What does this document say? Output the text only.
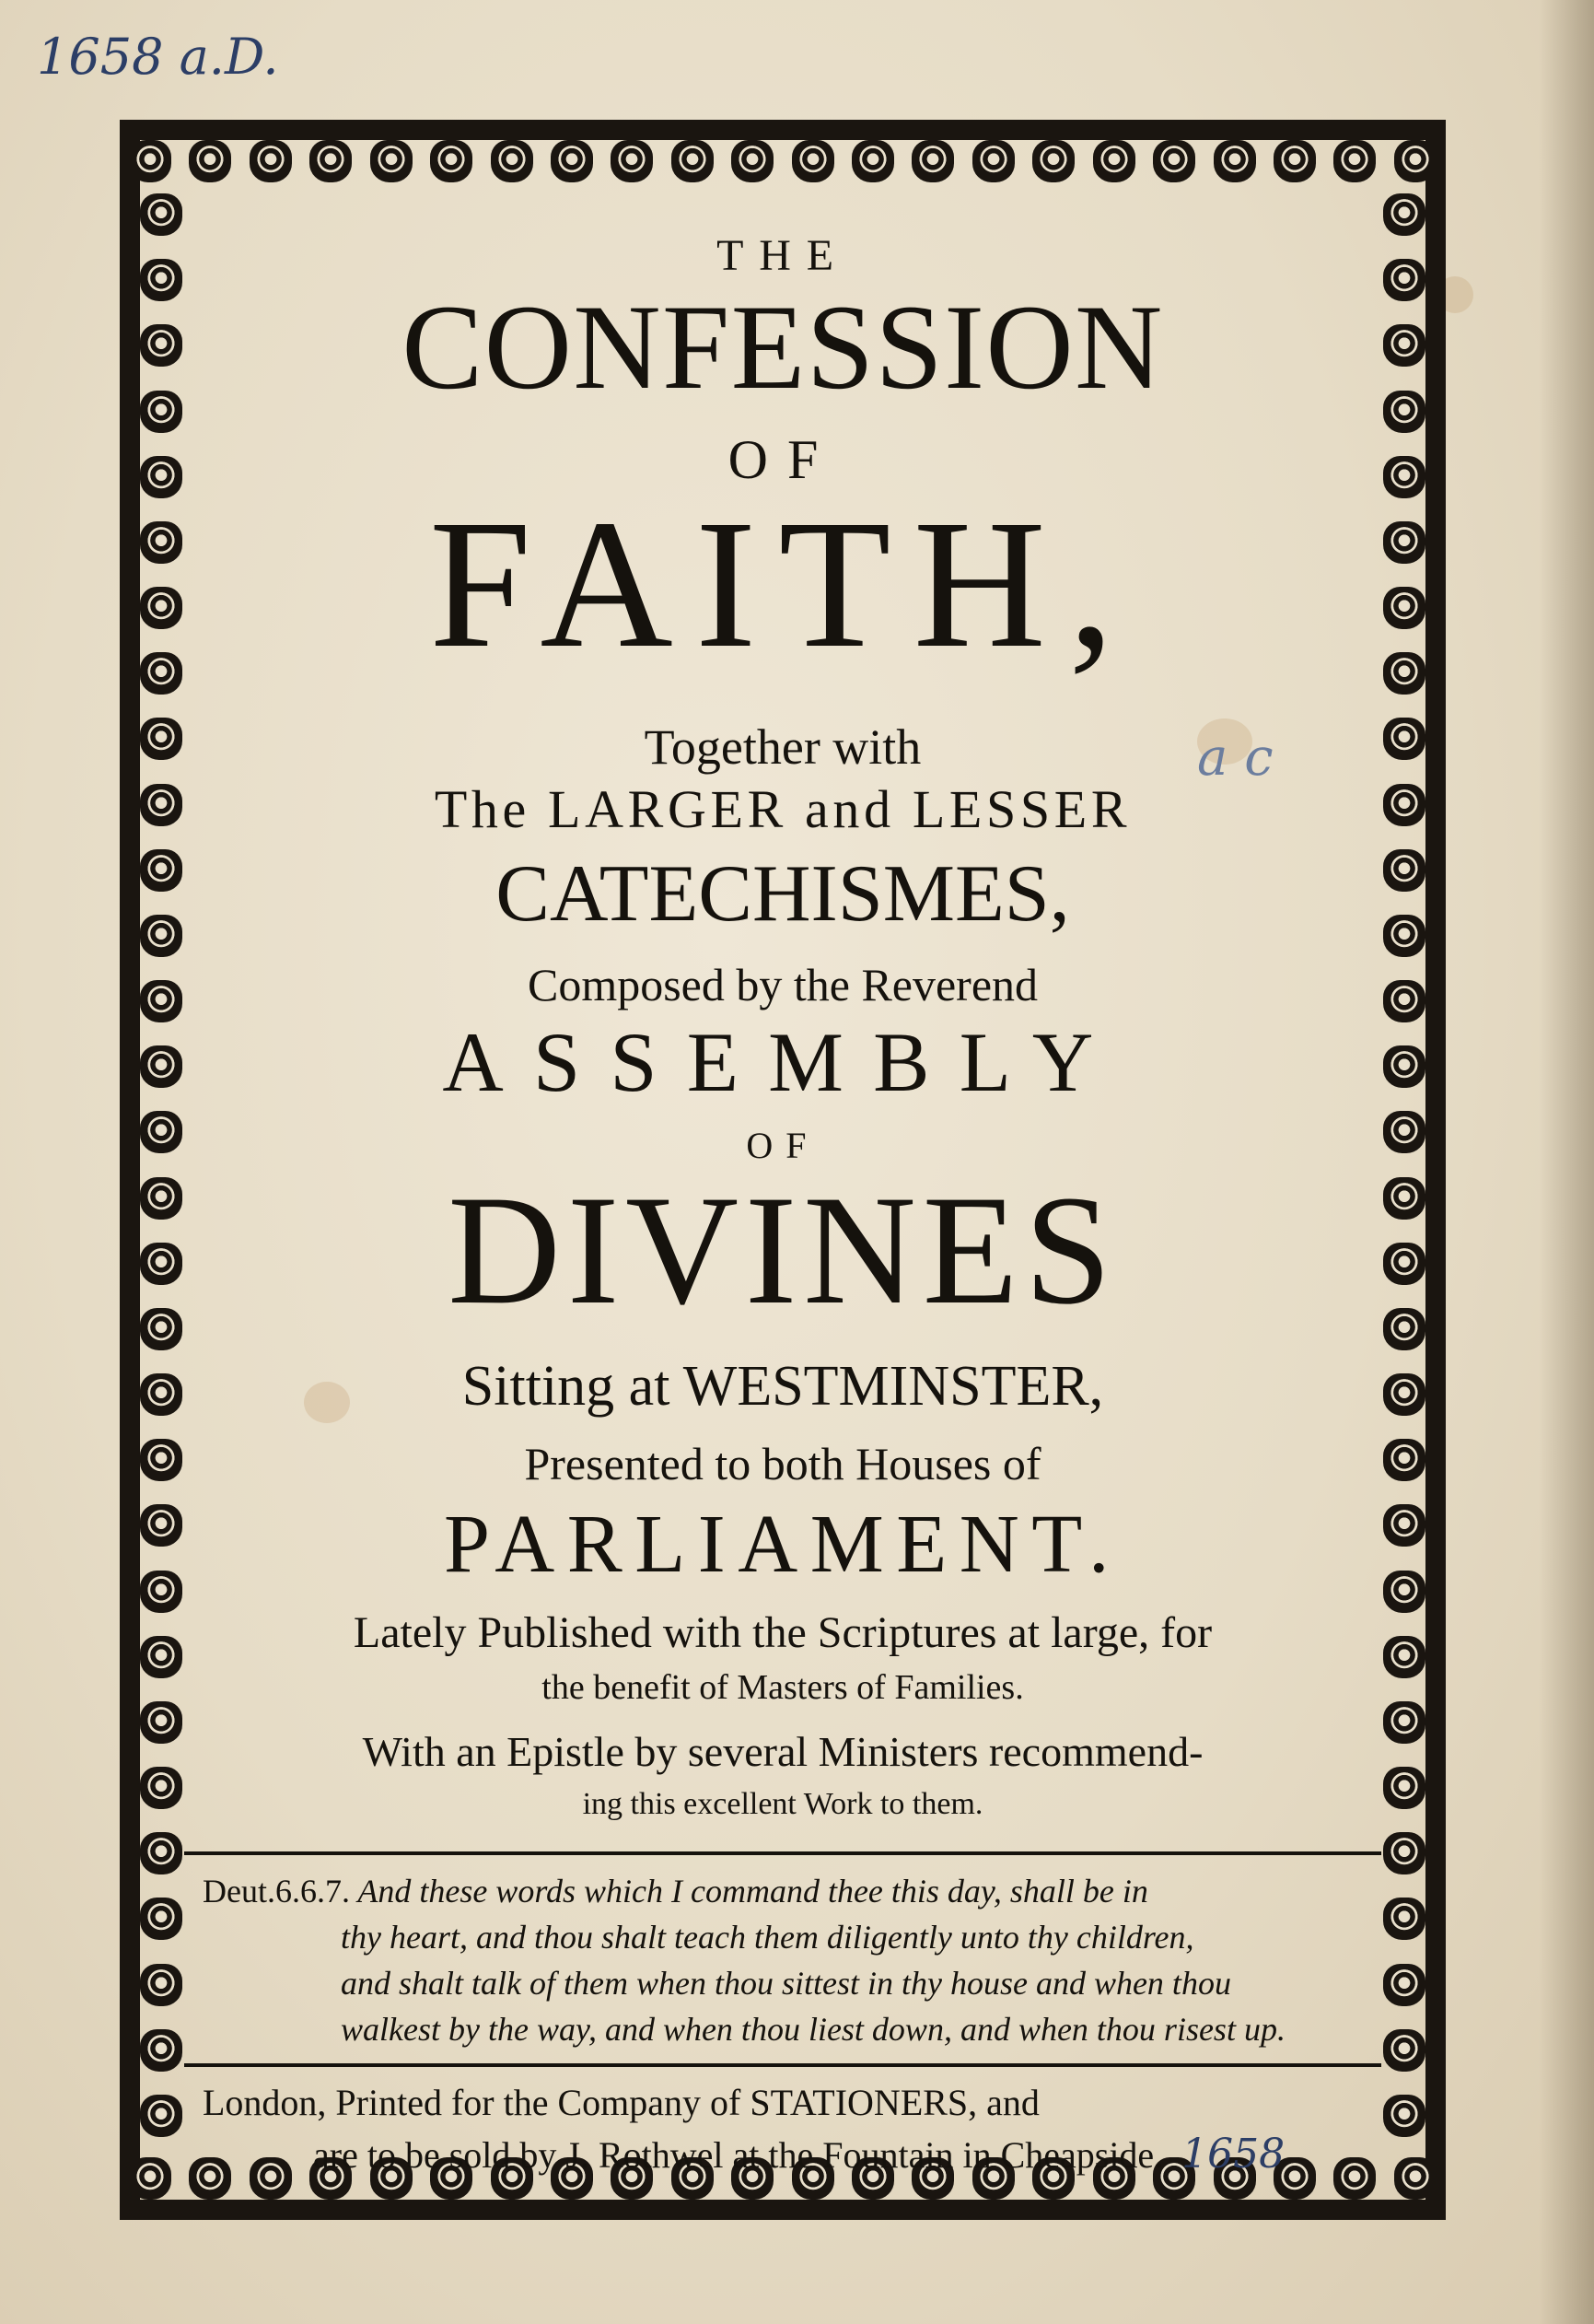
1658 a.D.
a c
THE
CONFESSION
OF
FAITH,
Together with
The LARGER and LESSER
CATECHISMES,
Composed by the Reverend
ASSEMBLY
OF
DIVINES
Sitting at WESTMINSTER,
Presented to both Houses of
PARLIAMENT.
Lately Published with the Scriptures at large, for
the benefit of Masters of Families.
With an Epistle by several Ministers recommend-
ing this excellent Work to them.
Deut.6.6.7. And these words which I command thee this day, shall be in
thy heart, and thou shalt teach them diligently unto thy children,
and shalt talk of them when thou sittest in thy house and when thou
walkest by the way, and when thou liest down, and when thou risest up.
London, Printed for the Company of STATIONERS, and
are to be sold by J. Rothwel at the Fountain in Cheapside. 1658
